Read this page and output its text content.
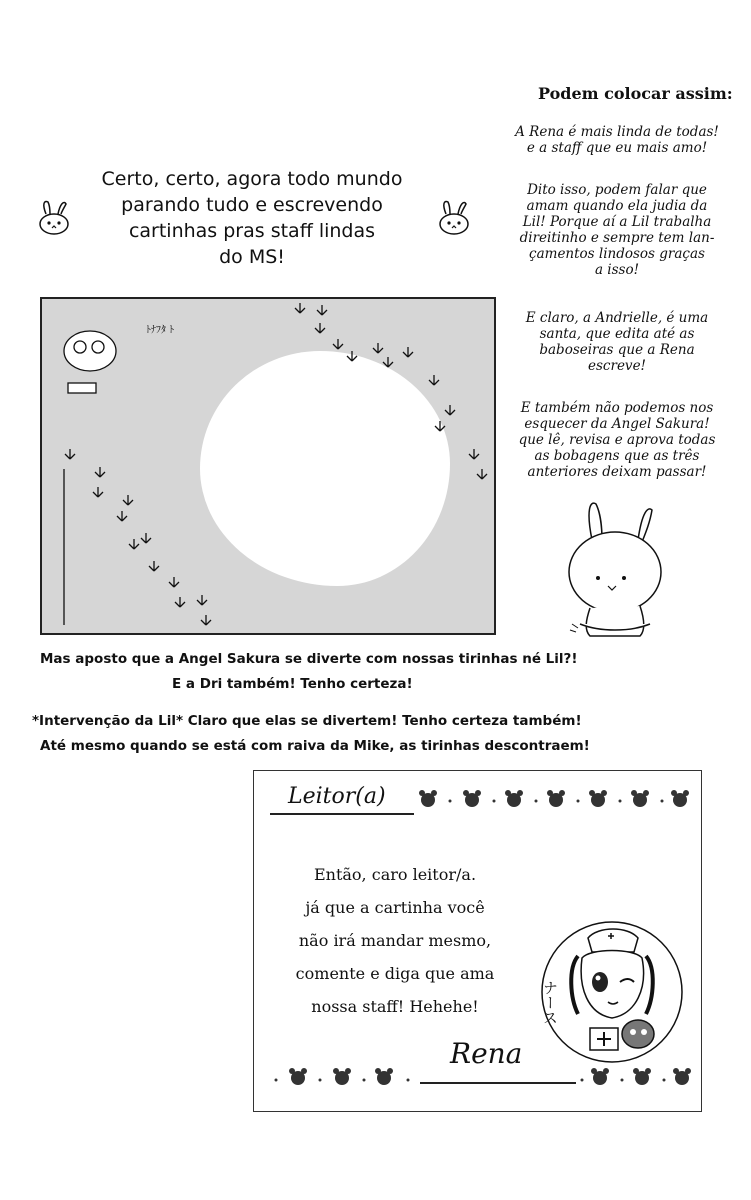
Podem colocar assim:
A Rena é mais linda de todas!
e a staff que eu mais amo!
Dito isso, podem falar que
amam quando ela judia da
Lil! Porque aí a Lil trabalha
direitinho e sempre tem lan-
çamentos lindosos graças
a isso!
E claro, a Andrielle, é uma
santa, que edita até as
baboseiras que a Rena
escreve!
E também não podemos nos
esquecer da Angel Sakura!
que lê, revisa e aprova todas
as bobagens que as três
anteriores deixam passar!
Certo, certo, agora todo mundo
parando tudo e escrevendo
cartinhas pras staff lindas
do MS!
ﾄﾅﾌﾀ ﾄ
Mas aposto que a Angel Sakura se diverte com nossas tirinhas né Lil?!
E a Dri também! Tenho certeza!
*Intervenção da Lil* Claro que elas se divertem! Tenho certeza também!
Até mesmo quando se está com raiva da Mike, as tirinhas descontraem!
Leitor(a)
Então, caro leitor/a.
já que a cartinha você
não irá mandar mesmo,
comente e diga que ama
nossa staff! Hehehe!	ナース
Rena
